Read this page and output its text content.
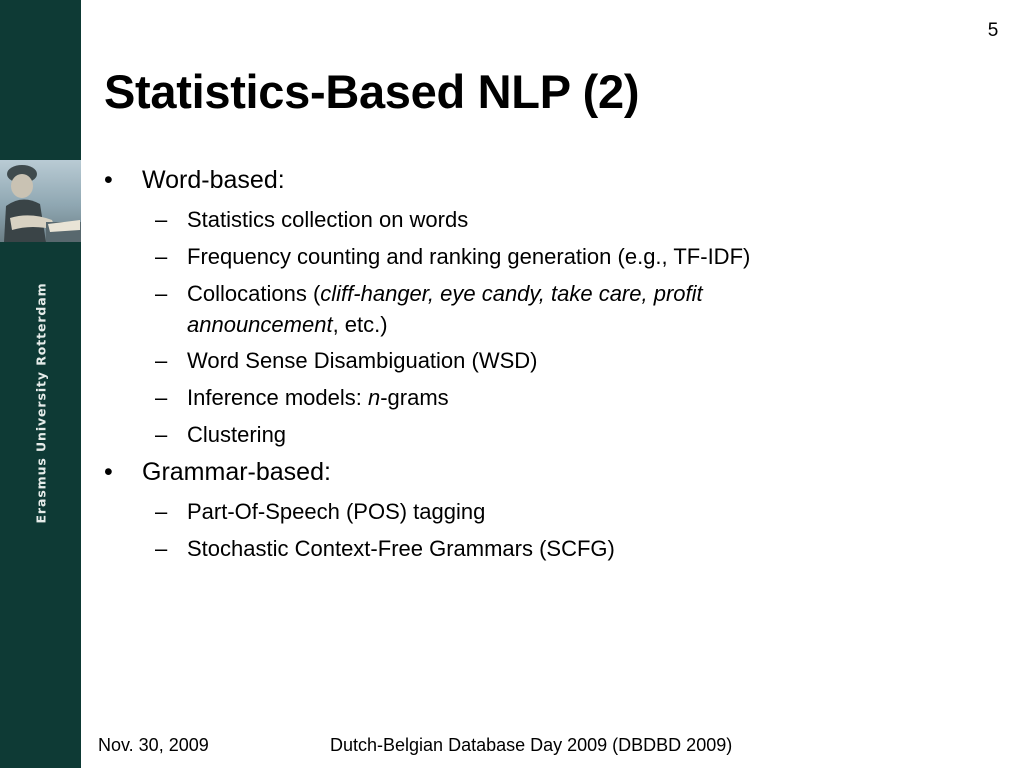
Erasmus University Rotterdam
5
Statistics-Based NLP (2)
• Word-based:
– Statistics collection on words
– Frequency counting and ranking generation (e.g., TF-IDF)
– Collocations (cliff-hanger, eye candy, take care, profit
announcement, etc.)
– Word Sense Disambiguation (WSD)
– Inference models: n-grams
– Clustering
• Grammar-based:
– Part-Of-Speech (POS) tagging
– Stochastic Context-Free Grammars (SCFG)
Nov. 30, 2009	Dutch-Belgian Database Day 2009 (DBDBD 2009)
